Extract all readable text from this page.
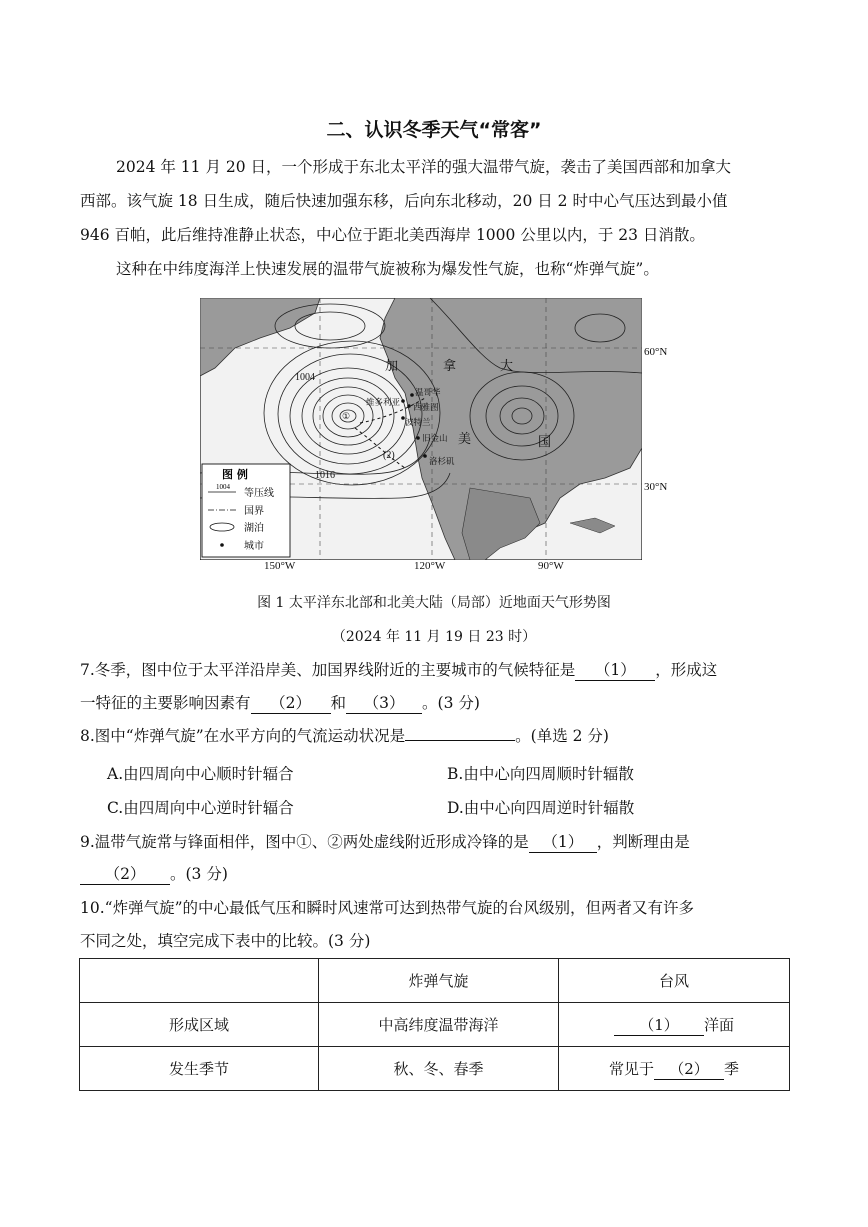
二、认识冬季天气“常客”
2024 年 11 月 20 日，一个形成于东北太平洋的强大温带气旋，袭击了美国西部和加拿大
西部。该气旋 18 日生成，随后快速加强东移，后向东北移动，20 日 2 时中心气压达到最小值
946 百帕，此后维持准静止状态，中心位于距北美西海岸 1000 公里以内，于 23 日消散。
这种在中纬度海洋上快速发展的温带气旋被称为爆发性气旋，也称“炸弹气旋”。
1004
1016
①
(2)
加	拿	大
美	国
维多利亚
温哥华
西雅图
波特兰
旧金山
洛杉矶
图 例
1004
等压线
国界
湖泊
城市
60°N
30°N
150°W	120°W	90°W
图 1 太平洋东北部和北美大陆（局部）近地面天气形势图
（2024 年 11 月 19 日 23 时）
7.冬季，图中位于太平洋沿岸美、加国界线附近的主要城市的气候特征是 （1） ，形成这
一特征的主要影响因素有 （2） 和 （3） 。(3 分)
8.图中“炸弹气旋”在水平方向的气流运动状况是	。(单选 2 分)
A.由四周向中心顺时针辐合	B.由中心向四周顺时针辐散
C.由四周向中心逆时针辐合	D.由中心向四周逆时针辐散
9.温带气旋常与锋面相伴，图中①、②两处虚线附近形成冷锋的是 （1） ，判断理由是
（2） 。(3 分)
10.“炸弹气旋”的中心最低气压和瞬时风速常可达到热带气旋的台风级别，但两者又有许多
不同之处，填空完成下表中的比较。(3 分)
	炸弹气旋	台风
形成区域	中高纬度温带海洋	（1） 洋面
发生季节	秋、冬、春季	常见于 （2） 季
